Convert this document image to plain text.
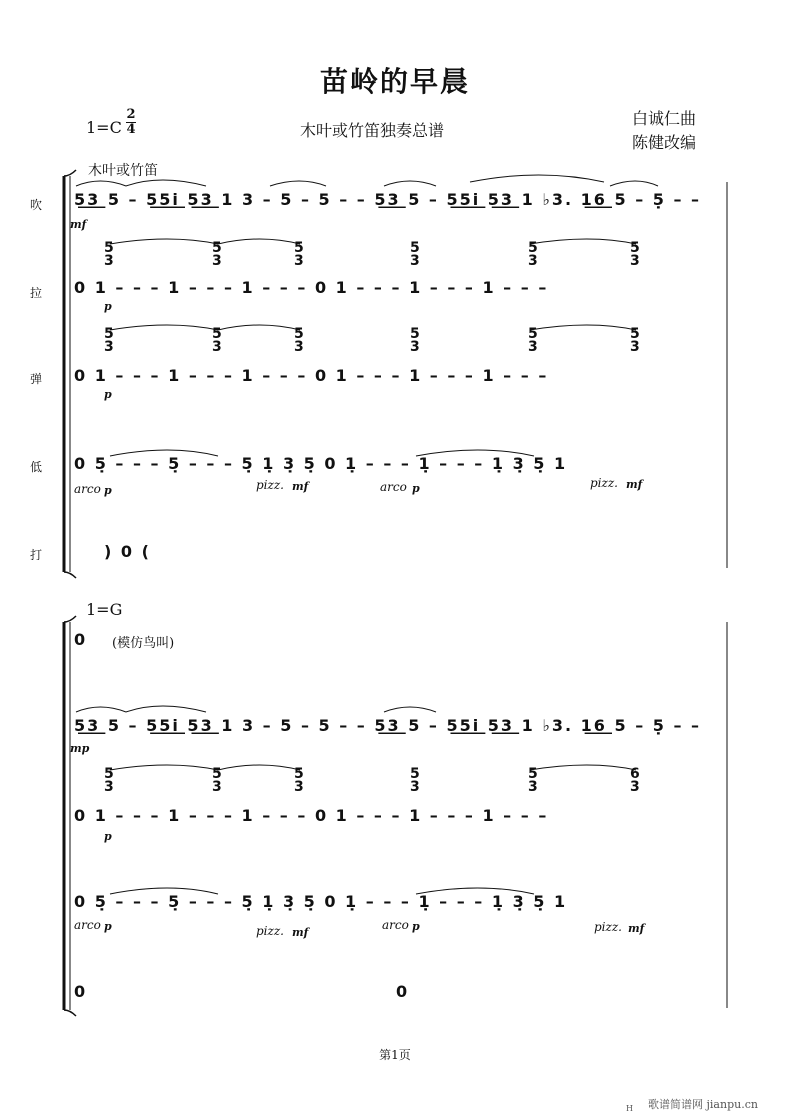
苗岭的早晨
1=C
2
4	木叶或竹笛独奏总谱
白诚仁曲
陈健改编
木叶或竹笛
吹
拉
弹
低
打
5͟3͟ 5 – 5͟5͟i͟ 5͟3͟ 1 3 – 5 – 5 – – 5͟3͟ 5 – 5͟5͟i͟ 5͟3͟ 1 ♭3. 1͟6͟ 5 – 5̣ – –
mf
5
3
5
3
5
3
5
3
5
3
5
3
0 1 – – – 1 – – – 1 – – – 0 1 – – – 1 – – – 1 – – –
p
5
3
5
3
5
3
5
3
5
3
5
3
0 1 – – – 1 – – – 1 – – – 0 1 – – – 1 – – – 1 – – –
p
0 5̣ – – – 5̣ – – – 5̣ 1̣ 3̣ 5̣ 0 1̣ – – – 1̣ – – – 1̣ 3̣ 5̣ 1
arco p	pizz. mf	arco p	pizz. mf
) 0 (
1=G
0 (模仿鸟叫)
5͟3͟ 5 – 5͟5͟i͟ 5͟3͟ 1 3 – 5 – 5 – – 5͟3͟ 5 – 5͟5͟i͟ 5͟3͟ 1 ♭3. 1͟6͟ 5 – 5̣ – –
mp
5
3
5
3
5
3
5
3
5
3
6
3
0 1 – – – 1 – – – 1 – – – 0 1 – – – 1 – – – 1 – – –
p
0 5̣ – – – 5̣ – – – 5̣ 1̣ 3̣ 5̣ 0 1̣ – – – 1̣ – – – 1̣ 3̣ 5̣ 1
arco p	pizz. mf
arco p	pizz. mf
0	0
第1页
歌谱简谱网 jianpu.cn
H
